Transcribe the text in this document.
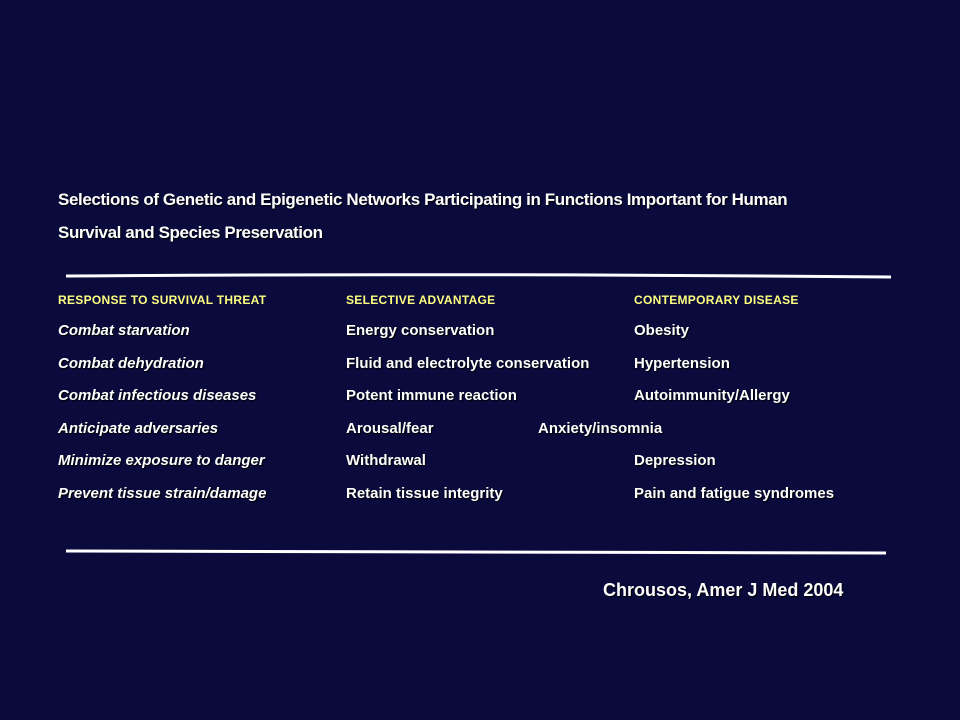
Selections of Genetic and Epigenetic Networks Participating in Functions Important for Human
Survival and Species Preservation
RESPONSE TO SURVIVAL THREAT	SELECTIVE ADVANTAGE	CONTEMPORARY DISEASE
Combat starvation	Energy conservation	Obesity
Combat dehydration	Fluid and electrolyte conservation	Hypertension
Combat infectious diseases	Potent immune reaction	Autoimmunity/Allergy
Anticipate adversaries	Arousal/fear	Anxiety/insomnia
Minimize exposure to danger	Withdrawal	Depression
Prevent tissue strain/damage	Retain tissue integrity	Pain and fatigue syndromes
Chrousos, Amer J Med 2004
